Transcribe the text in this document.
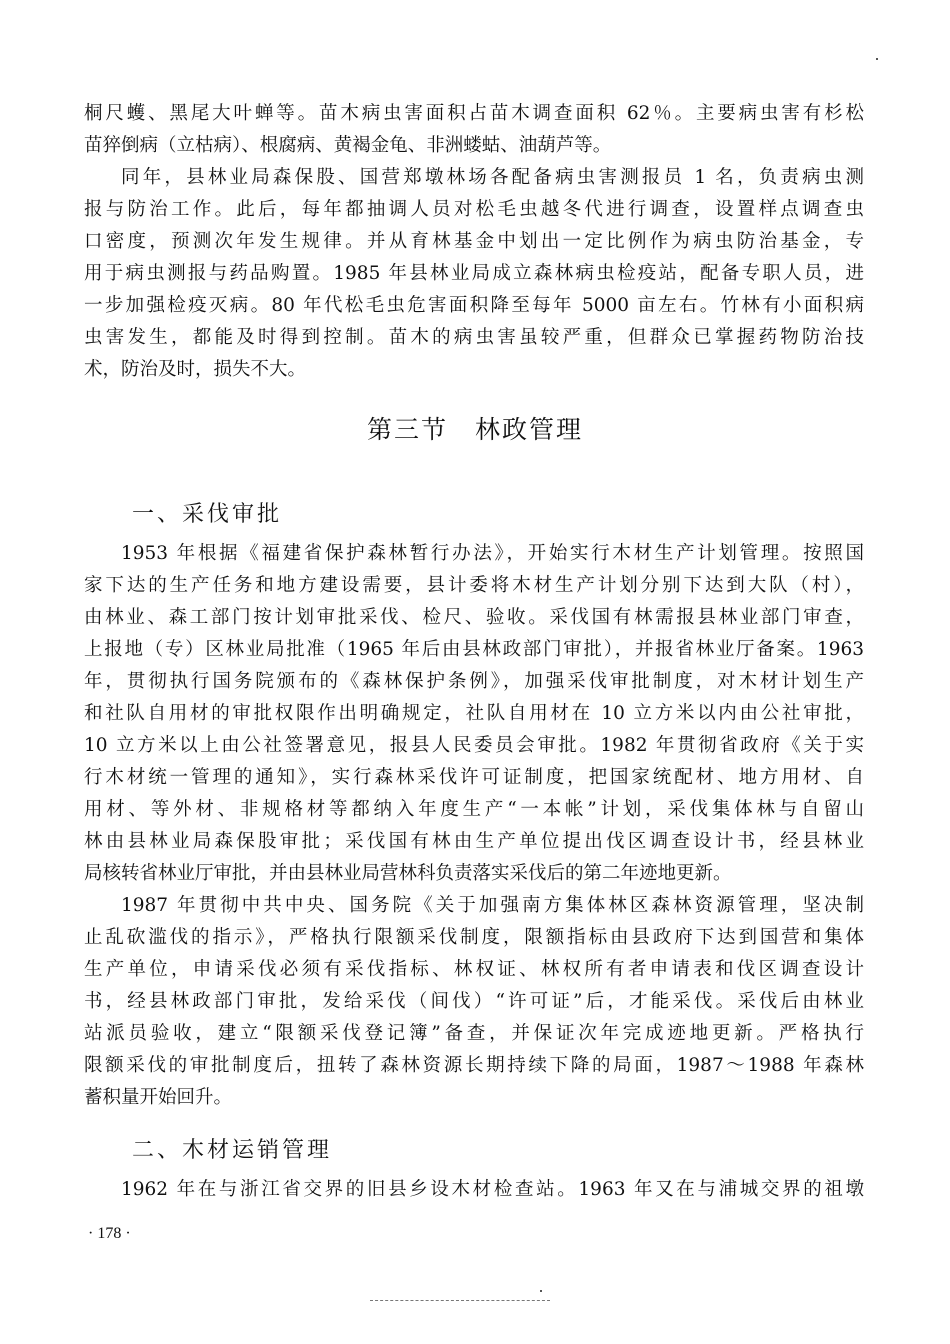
桐尺蠖、黑尾大叶蝉等。苗木病虫害面积占苗木调查面积 62％。主要病虫害有杉松
苗猝倒病（立枯病）、根腐病、黄褐金龟、非洲蝼蛄、油葫芦等。
同年，县林业局森保股、国营郑墩林场各配备病虫害测报员 1 名，负责病虫测
报与防治工作。此后，每年都抽调人员对松毛虫越冬代进行调查，设置样点调查虫
口密度，预测次年发生规律。并从育林基金中划出一定比例作为病虫防治基金，专
用于病虫测报与药品购置。1985 年县林业局成立森林病虫检疫站，配备专职人员，进
一步加强检疫灭病。80 年代松毛虫危害面积降至每年 5000 亩左右。竹林有小面积病
虫害发生，都能及时得到控制。苗木的病虫害虽较严重，但群众已掌握药物防治技
术，防治及时，损失不大。
第三节　林政管理
一、采伐审批
1953 年根据《福建省保护森林暂行办法》，开始实行木材生产计划管理。按照国
家下达的生产任务和地方建设需要，县计委将木材生产计划分别下达到大队（村），
由林业、森工部门按计划审批采伐、检尺、验收。采伐国有林需报县林业部门审查，
上报地（专）区林业局批准（1965 年后由县林政部门审批），并报省林业厅备案。1963
年，贯彻执行国务院颁布的《森林保护条例》，加强采伐审批制度，对木材计划生产
和社队自用材的审批权限作出明确规定，社队自用材在 10 立方米以内由公社审批，
10 立方米以上由公社签署意见，报县人民委员会审批。1982 年贯彻省政府《关于实
行木材统一管理的通知》，实行森林采伐许可证制度，把国家统配材、地方用材、自
用材、等外材、非规格材等都纳入年度生产“一本帐”计划，采伐集体林与自留山
林由县林业局森保股审批；采伐国有林由生产单位提出伐区调查设计书，经县林业
局核转省林业厅审批，并由县林业局营林科负责落实采伐后的第二年迹地更新。
1987 年贯彻中共中央、国务院《关于加强南方集体林区森林资源管理，坚决制
止乱砍滥伐的指示》，严格执行限额采伐制度，限额指标由县政府下达到国营和集体
生产单位，申请采伐必须有采伐指标、林权证、林权所有者申请表和伐区调查设计
书，经县林政部门审批，发给采伐（间伐）“许可证”后，才能采伐。采伐后由林业
站派员验收，建立“限额采伐登记簿”备查，并保证次年完成迹地更新。严格执行
限额采伐的审批制度后，扭转了森林资源长期持续下降的局面，1987～1988 年森林
蓄积量开始回升。
二、木材运销管理
1962 年在与浙江省交界的旧县乡设木材检查站。1963 年又在与浦城交界的祖墩
· 178 ·
